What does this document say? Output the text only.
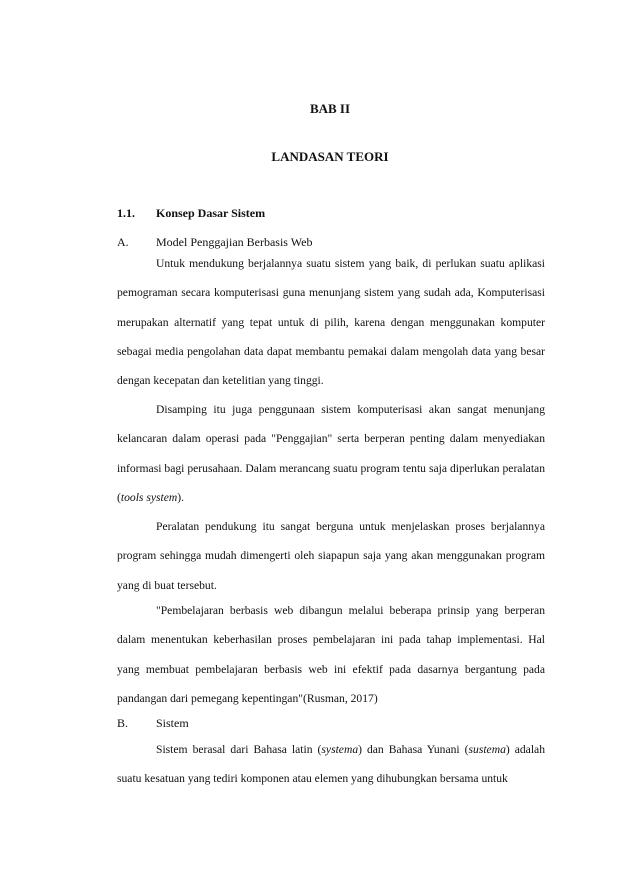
BAB II
LANDASAN TEORI
1.1. Konsep Dasar Sistem
A. Model Penggajian Berbasis Web

Untuk mendukung berjalannya suatu sistem yang baik, di perlukan suatu aplikasi pemograman secara komputerisasi guna menunjang sistem yang sudah ada, Komputerisasi merupakan alternatif yang tepat untuk di pilih, karena dengan menggunakan komputer sebagai media pengolahan data dapat membantu pemakai dalam mengolah data yang besar dengan kecepatan dan ketelitian yang tinggi.

Disamping itu juga penggunaan sistem komputerisasi akan sangat menunjang kelancaran dalam operasi pada "Penggajian" serta berperan penting dalam menyediakan informasi bagi perusahaan. Dalam merancang suatu program tentu saja diperlukan peralatan (tools system).

Peralatan pendukung itu sangat berguna untuk menjelaskan proses berjalannya program sehingga mudah dimengerti oleh siapapun saja yang akan menggunakan program yang di buat tersebut.

"Pembelajaran berbasis web dibangun melalui beberapa prinsip yang berperan dalam menentukan keberhasilan proses pembelajaran ini pada tahap implementasi. Hal yang membuat pembelajaran berbasis web ini efektif pada dasarnya bergantung pada pandangan dari pemegang kepentingan"(Rusman, 2017)

B. Sistem

Sistem berasal dari Bahasa latin (systema) dan Bahasa Yunani (sustema) adalah suatu kesatuan yang tediri komponen atau elemen yang dihubungkan bersama untuk
